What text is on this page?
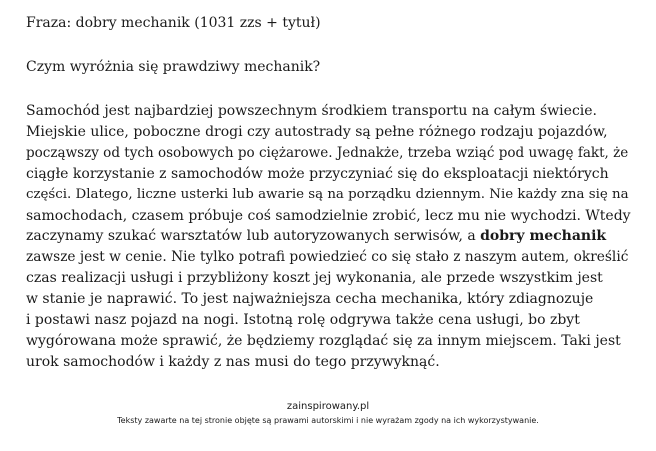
Fraza: dobry mechanik (1031 zzs + tytuł)

Czym wyróżnia się prawdziwy mechanik?

Samochód jest najbardziej powszechnym środkiem transportu na całym świecie.
Miejskie ulice, poboczne drogi czy autostrady są pełne różnego rodzaju pojazdów,
począwszy od tych osobowych po ciężarowe. Jednakże, trzeba wziąć pod uwagę fakt, że
ciągłe korzystanie z samochodów może przyczyniać się do eksploatacji niektórych
części. Dlatego, liczne usterki lub awarie są na porządku dziennym. Nie każdy zna się na
samochodach, czasem próbuje coś samodzielnie zrobić, lecz mu nie wychodzi. Wtedy
zaczynamy szukać warsztatów lub autoryzowanych serwisów, a dobry mechanik
zawsze jest w cenie. Nie tylko potrafi powiedzieć co się stało z naszym autem, określić
czas realizacji usługi i przybliżony koszt jej wykonania, ale przede wszystkim jest
w stanie je naprawić. To jest najważniejsza cecha mechanika, który zdiagnozuje
i postawi nasz pojazd na nogi. Istotną rolę odgrywa także cena usługi, bo zbyt
wygórowana może sprawić, że będziemy rozglądać się za innym miejscem. Taki jest
urok samochodów i każdy z nas musi do tego przywyknąć.
zainspirowany.pl
Teksty zawarte na tej stronie objęte są prawami autorskimi i nie wyrażam zgody na ich wykorzystywanie.
